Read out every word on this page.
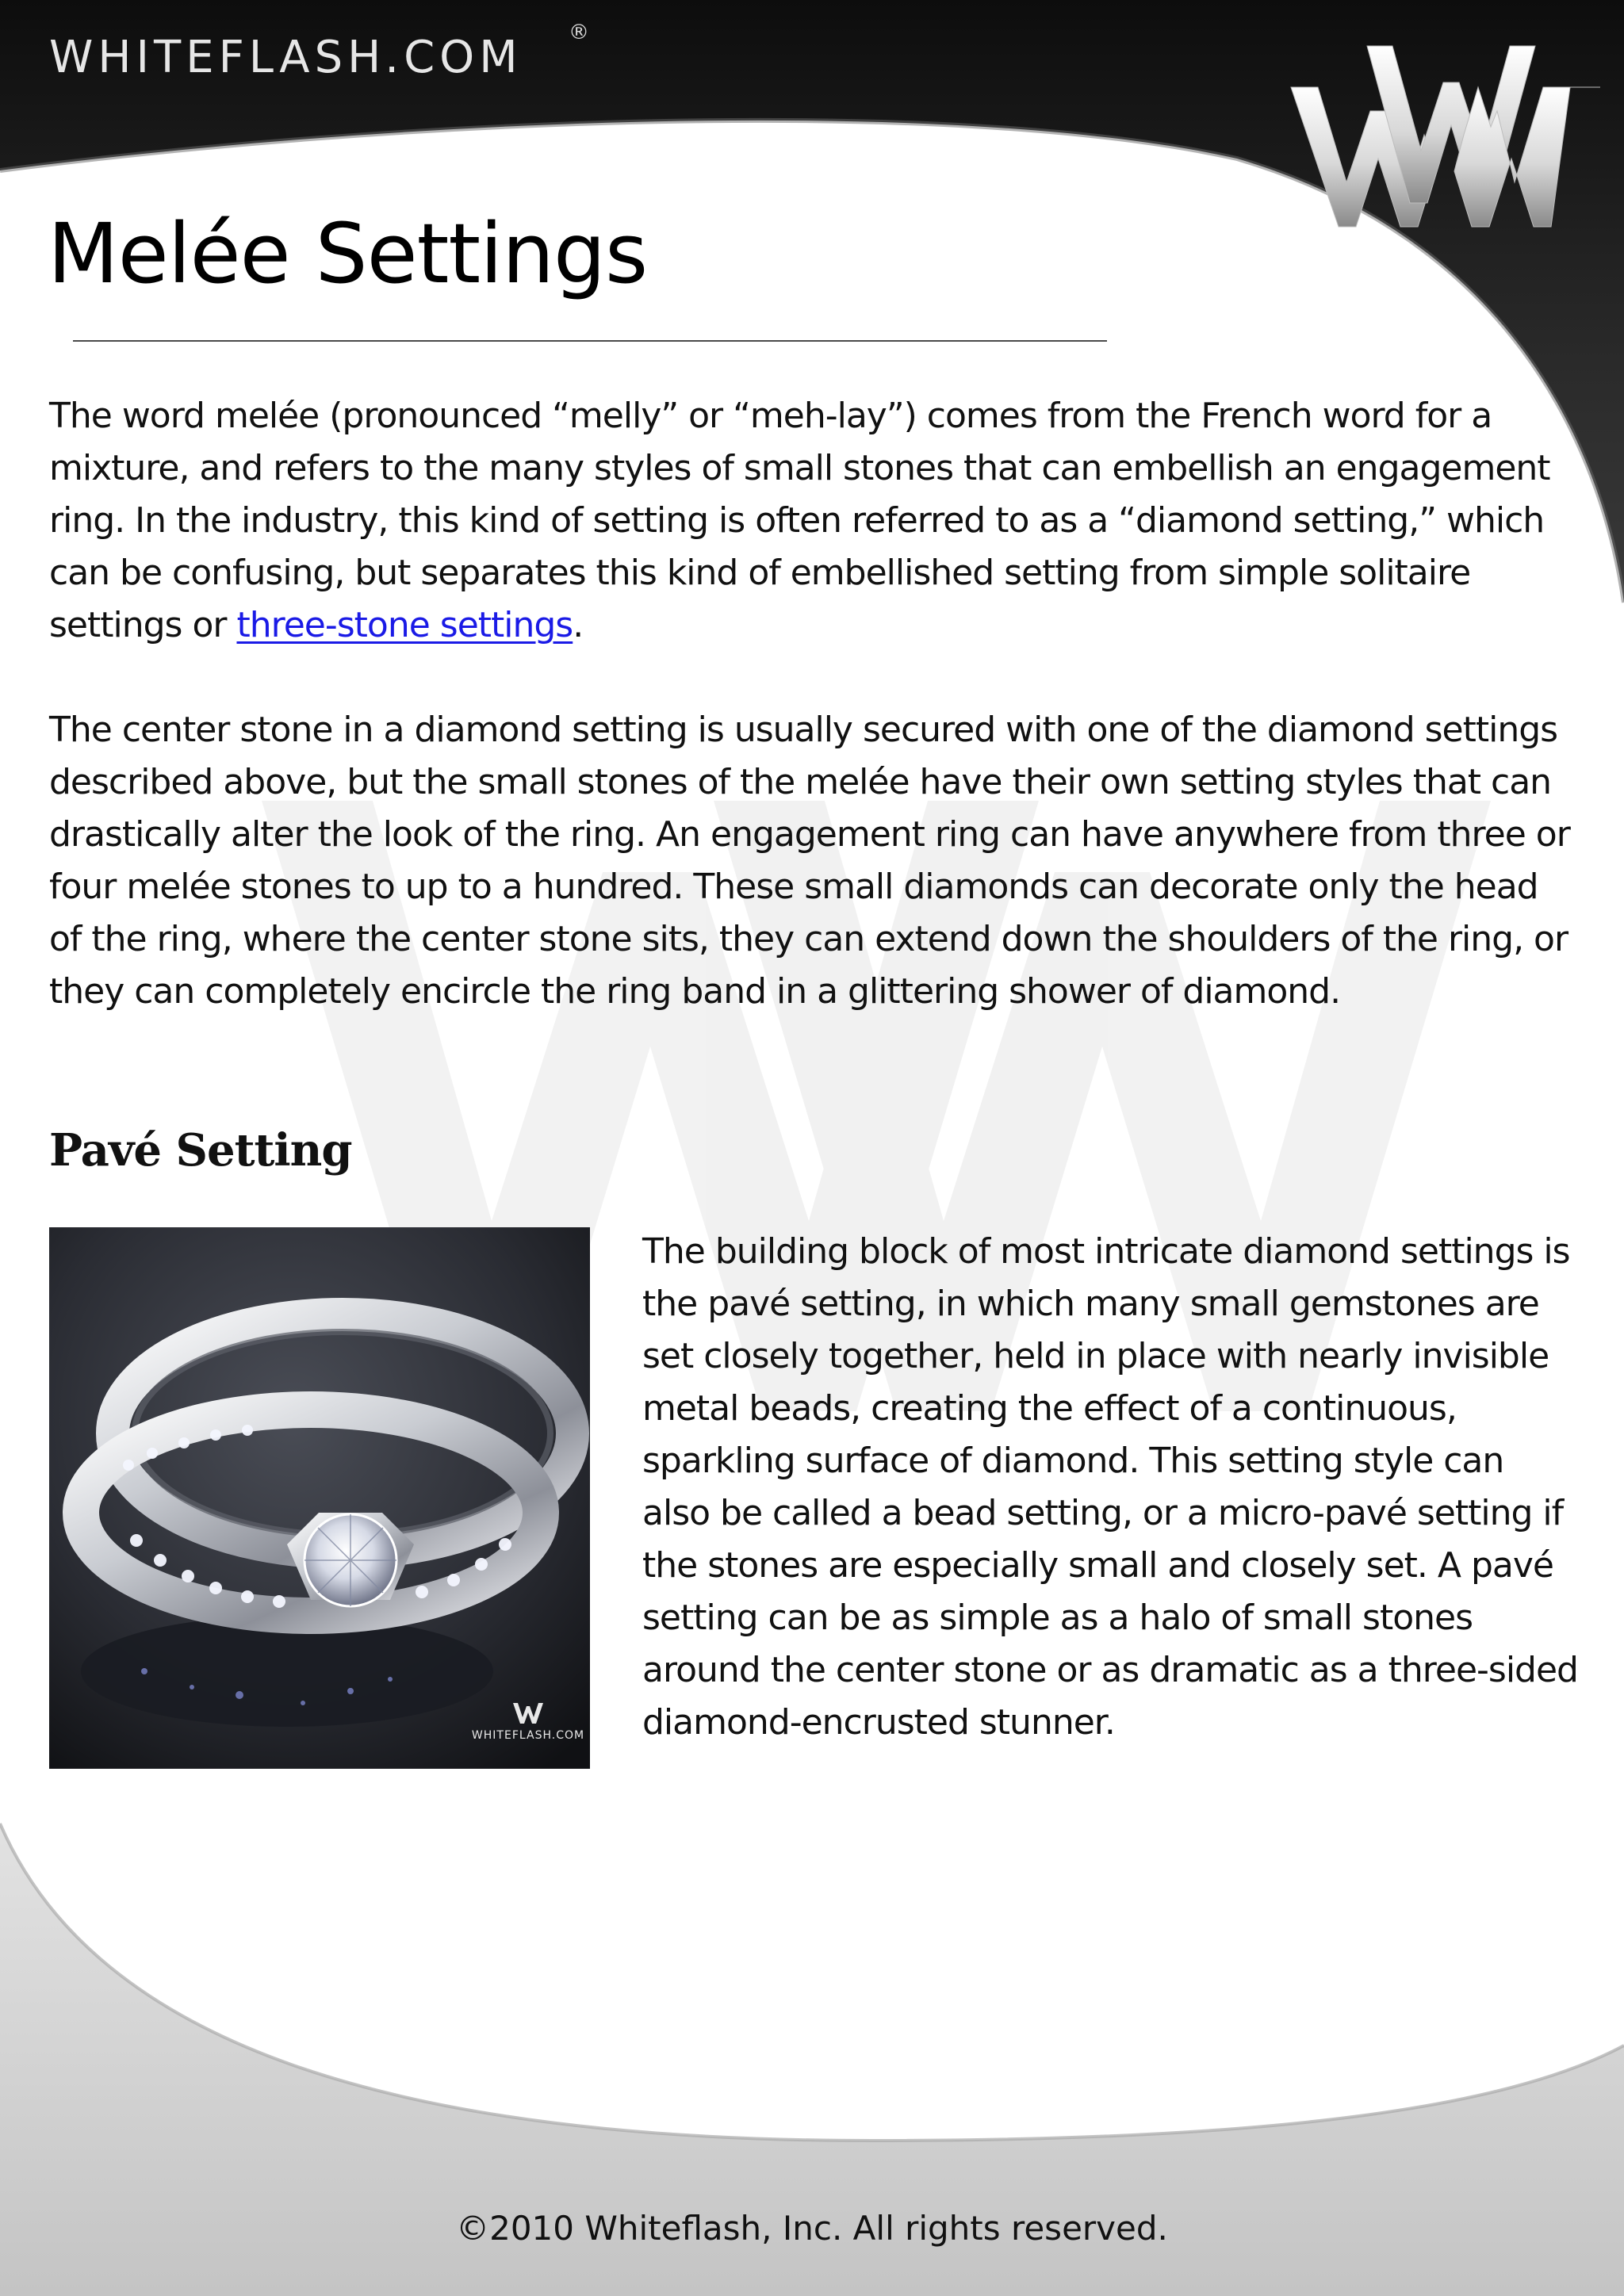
WHITEFLASH.COM ®
Melée Settings

The word melée (pronounced “melly” or “meh-lay”) comes from the French word for a mixture, and refers to the many styles of small stones that can embellish an engagement ring. In the industry, this kind of setting is often referred to as a “diamond setting,” which can be confusing, but separates this kind of embellished setting from simple solitaire settings or three-stone settings.

The center stone in a diamond setting is usually secured with one of the diamond settings described above, but the small stones of the melée have their own setting styles that can drastically alter the look of the ring. An engagement ring can have anywhere from three or four melée stones to up to a hundred. These small diamonds can decorate only the head of the ring, where the center stone sits, they can extend down the shoulders of the ring, or they can completely encircle the ring band in a glittering shower of diamond.

Pavé Setting
WHITEFLASH.COM

The building block of most intricate diamond settings is the pavé setting, in which many small gemstones are set closely together, held in place with nearly invisible metal beads, creating the effect of a continuous, sparkling surface of diamond. This setting style can also be called a bead setting, or a micro-pavé setting if the stones are especially small and closely set. A pavé setting can be as simple as a halo of small stones around the center stone or as dramatic as a three-sided diamond-encrusted stunner.

©2010 Whiteflash, Inc. All rights reserved.
